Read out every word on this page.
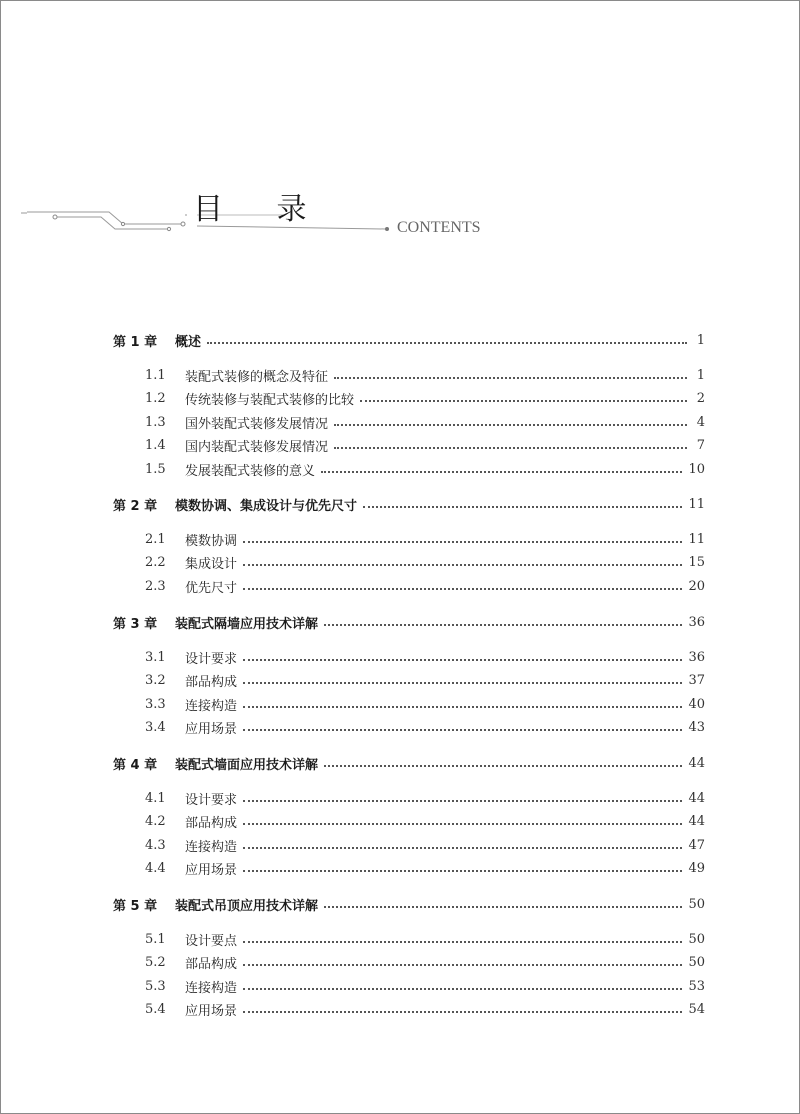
目 录
CONTENTS
第 1 章	概述	1
1.1	装配式装修的概念及特征	1
1.2	传统装修与装配式装修的比较	2
1.3	国外装配式装修发展情况	4
1.4	国内装配式装修发展情况	7
1.5	发展装配式装修的意义	10
第 2 章	模数协调、集成设计与优先尺寸	11
2.1	模数协调	11
2.2	集成设计	15
2.3	优先尺寸	20
第 3 章	装配式隔墙应用技术详解	36
3.1	设计要求	36
3.2	部品构成	37
3.3	连接构造	40
3.4	应用场景	43
第 4 章	装配式墙面应用技术详解	44
4.1	设计要求	44
4.2	部品构成	44
4.3	连接构造	47
4.4	应用场景	49
第 5 章	装配式吊顶应用技术详解	50
5.1	设计要点	50
5.2	部品构成	50
5.3	连接构造	53
5.4	应用场景	54
